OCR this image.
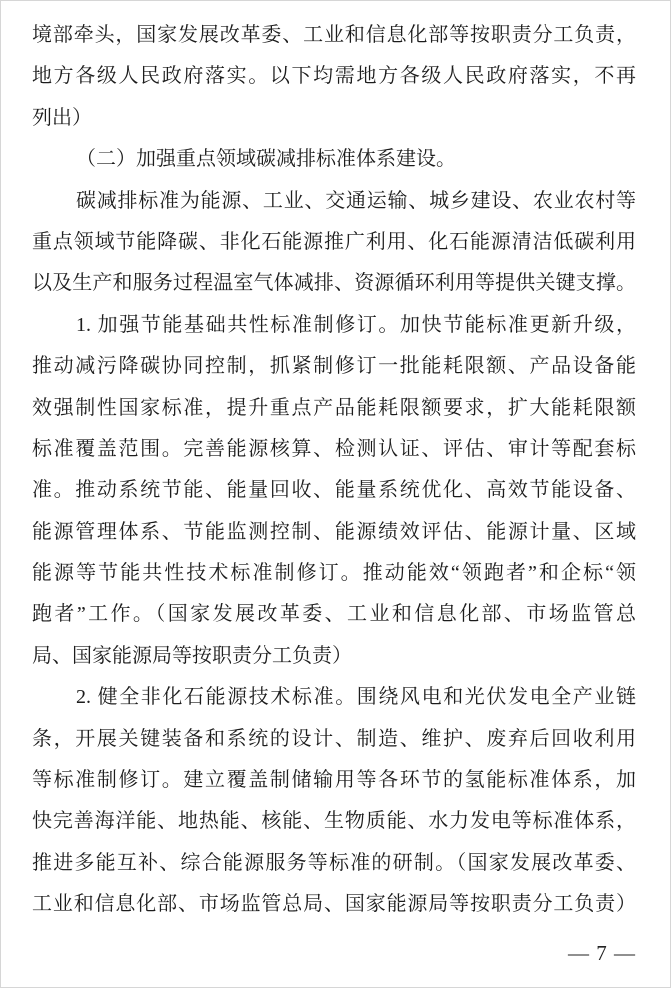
境部牵头，国家发展改革委、工业和信息化部等按职责分工负责，
地方各级人民政府落实。以下均需地方各级人民政府落实，不再
列出）
（二）加强重点领域碳减排标准体系建设。
碳减排标准为能源、工业、交通运输、城乡建设、农业农村等
重点领域节能降碳、非化石能源推广利用、化石能源清洁低碳利用
以及生产和服务过程温室气体减排、资源循环利用等提供关键支撑。
1. 加强节能基础共性标准制修订。加快节能标准更新升级，
推动减污降碳协同控制，抓紧制修订一批能耗限额、产品设备能
效强制性国家标准，提升重点产品能耗限额要求，扩大能耗限额
标准覆盖范围。完善能源核算、检测认证、评估、审计等配套标
准。推动系统节能、能量回收、能量系统优化、高效节能设备、
能源管理体系、节能监测控制、能源绩效评估、能源计量、区域
能源等节能共性技术标准制修订。推动能效“领跑者”和企标“领
跑者”工作。（国家发展改革委、工业和信息化部、市场监管总
局、国家能源局等按职责分工负责）
2. 健全非化石能源技术标准。围绕风电和光伏发电全产业链
条，开展关键装备和系统的设计、制造、维护、废弃后回收利用
等标准制修订。建立覆盖制储输用等各环节的氢能标准体系，加
快完善海洋能、地热能、核能、生物质能、水力发电等标准体系，
推进多能互补、综合能源服务等标准的研制。（国家发展改革委、
工业和信息化部、市场监管总局、国家能源局等按职责分工负责）
— 7 —
